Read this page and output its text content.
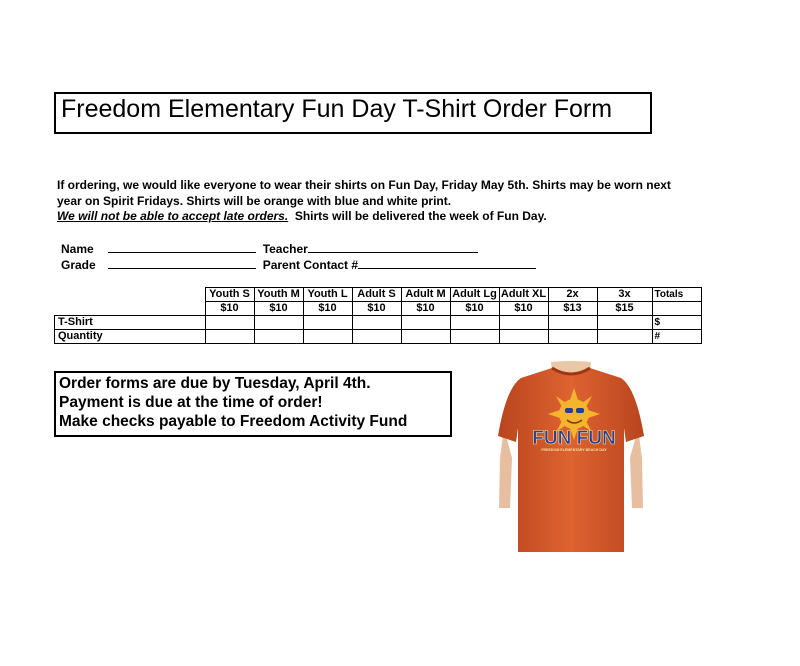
Freedom Elementary Fun Day T-Shirt Order Form
If ordering, we would like everyone to wear their shirts on Fun Day, Friday May 5th. Shirts may be worn next year on Spirit Fridays. Shirts will be orange with blue and white print.
We will not be able to accept late orders. Shirts will be delivered the week of Fun Day.
Name	Teacher
Grade	Parent Contact #
	Youth S	Youth M	Youth L	Adult S	Adult M	Adult Lg	Adult XL	2x	3x	Totals
	$10	$10	$10	$10	$10	$10	$10	$13	$15	
T-Shirt										$
Quantity										#
Order forms are due by Tuesday, April 4th.
Payment is due at the time of order!
Make checks payable to Freedom Activity Fund
FUN FUN
FREEDOM ELEMENTARY BEACH DAY
